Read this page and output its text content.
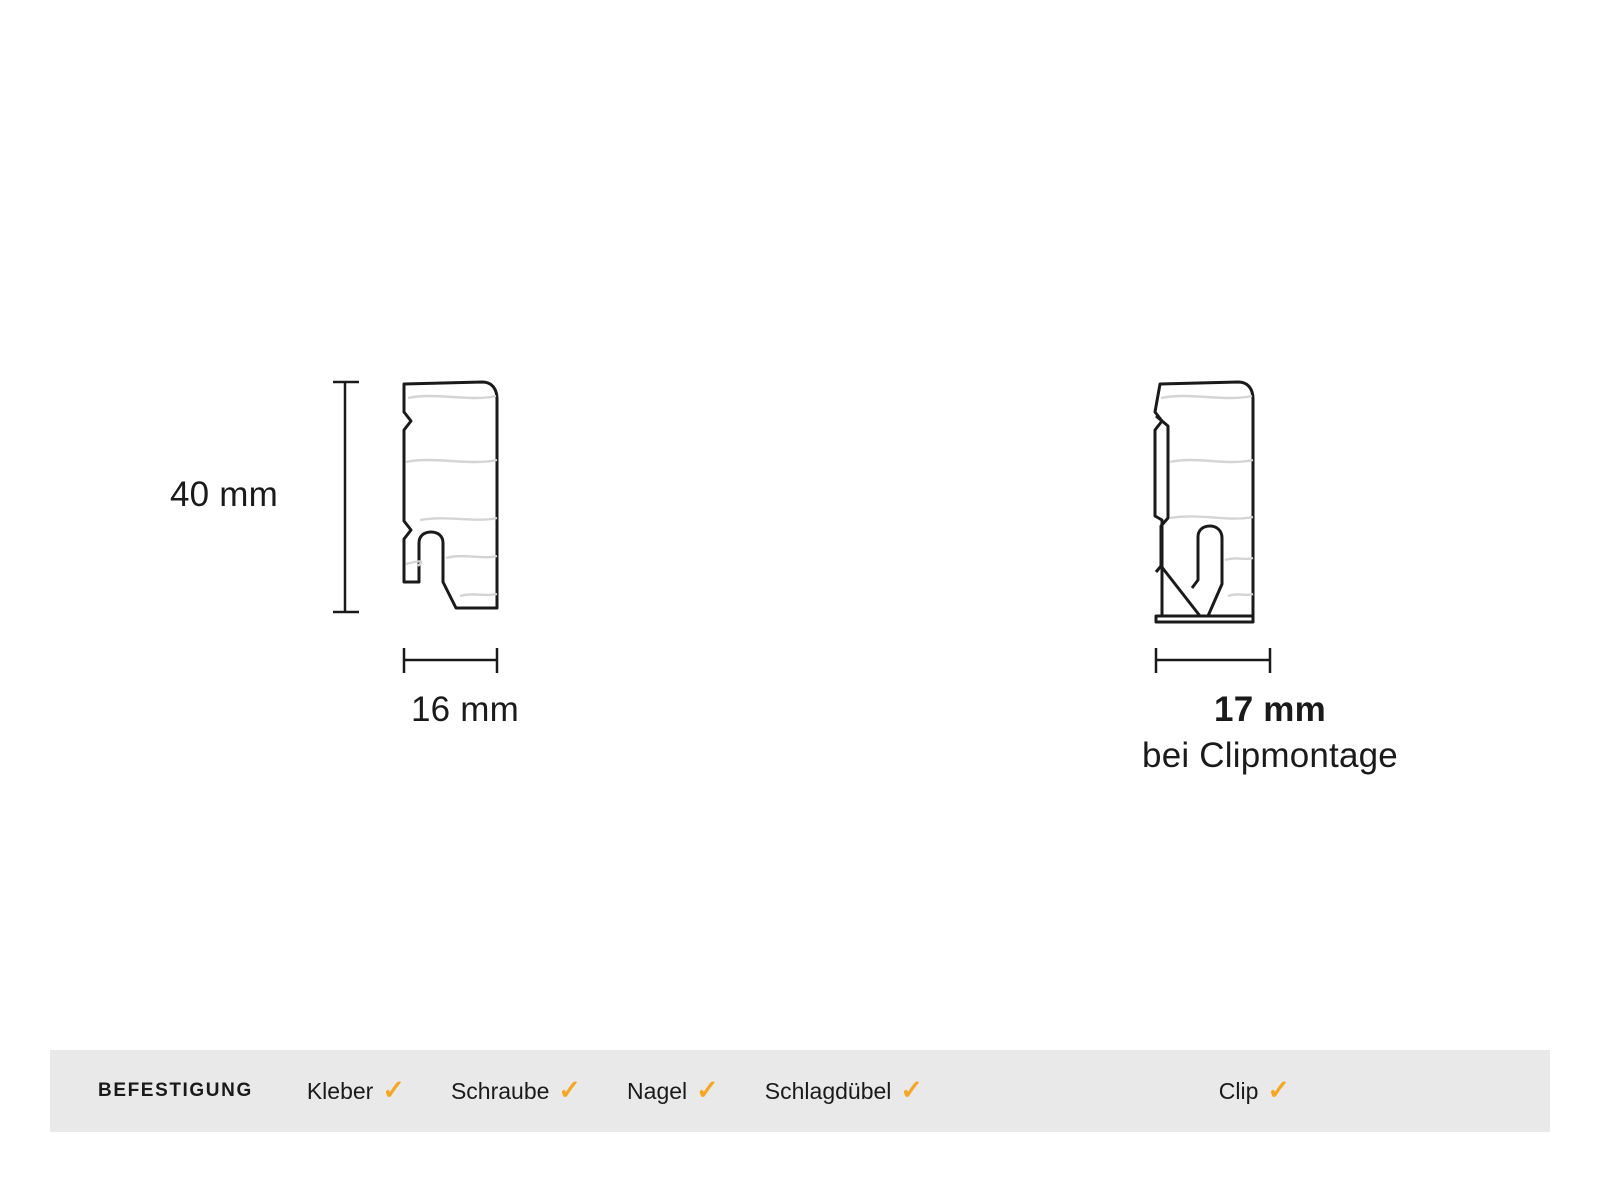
40 mm
16 mm	17 mm
bei Clipmontage
BEFESTIGUNG Kleber ✓ Schraube ✓ Nagel ✓ Schlagdübel ✓	Clip ✓
